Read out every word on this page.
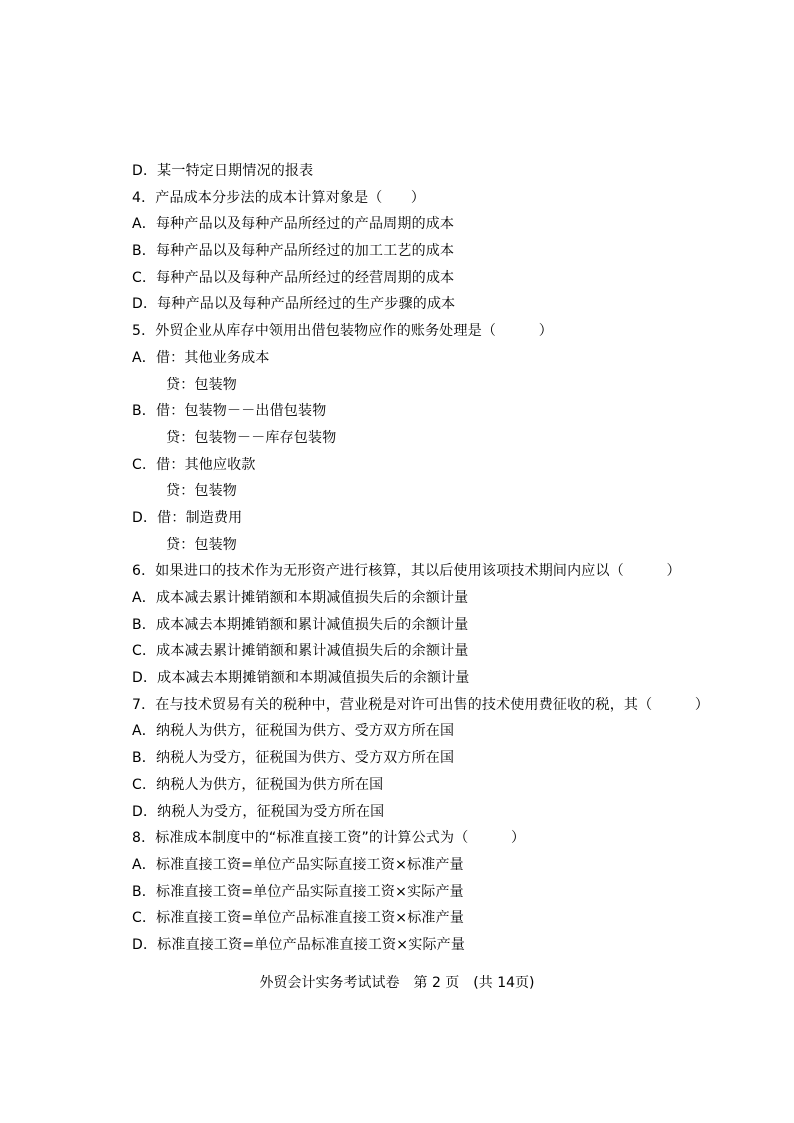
D．某一特定日期情况的报表
4．产品成本分步法的成本计算对象是（　　）
A．每种产品以及每种产品所经过的产品周期的成本
B．每种产品以及每种产品所经过的加工工艺的成本
C．每种产品以及每种产品所经过的经营周期的成本
D．每种产品以及每种产品所经过的生产步骤的成本
5．外贸企业从库存中领用出借包装物应作的账务处理是（　　　）
A．借：其他业务成本
贷：包装物
B．借：包装物－－出借包装物
贷：包装物－－库存包装物
C．借：其他应收款
贷：包装物
D．借：制造费用
贷：包装物
6．如果进口的技术作为无形资产进行核算，其以后使用该项技术期间内应以（　　　）
A．成本减去累计摊销额和本期减值损失后的余额计量
B．成本减去本期摊销额和累计减值损失后的余额计量
C．成本减去累计摊销额和累计减值损失后的余额计量
D．成本减去本期摊销额和本期减值损失后的余额计量
7．在与技术贸易有关的税种中，营业税是对许可出售的技术使用费征收的税，其（　　　）
A．纳税人为供方，征税国为供方、受方双方所在国
B．纳税人为受方，征税国为供方、受方双方所在国
C．纳税人为供方，征税国为供方所在国
D．纳税人为受方，征税国为受方所在国
8．标准成本制度中的“标准直接工资”的计算公式为（　　　）
A．标准直接工资=单位产品实际直接工资×标准产量
B．标准直接工资=单位产品实际直接工资×实际产量
C．标准直接工资=单位产品标准直接工资×标准产量
D．标准直接工资=单位产品标准直接工资×实际产量
外贸会计实务考试试卷　第 2 页　(共 14页)
